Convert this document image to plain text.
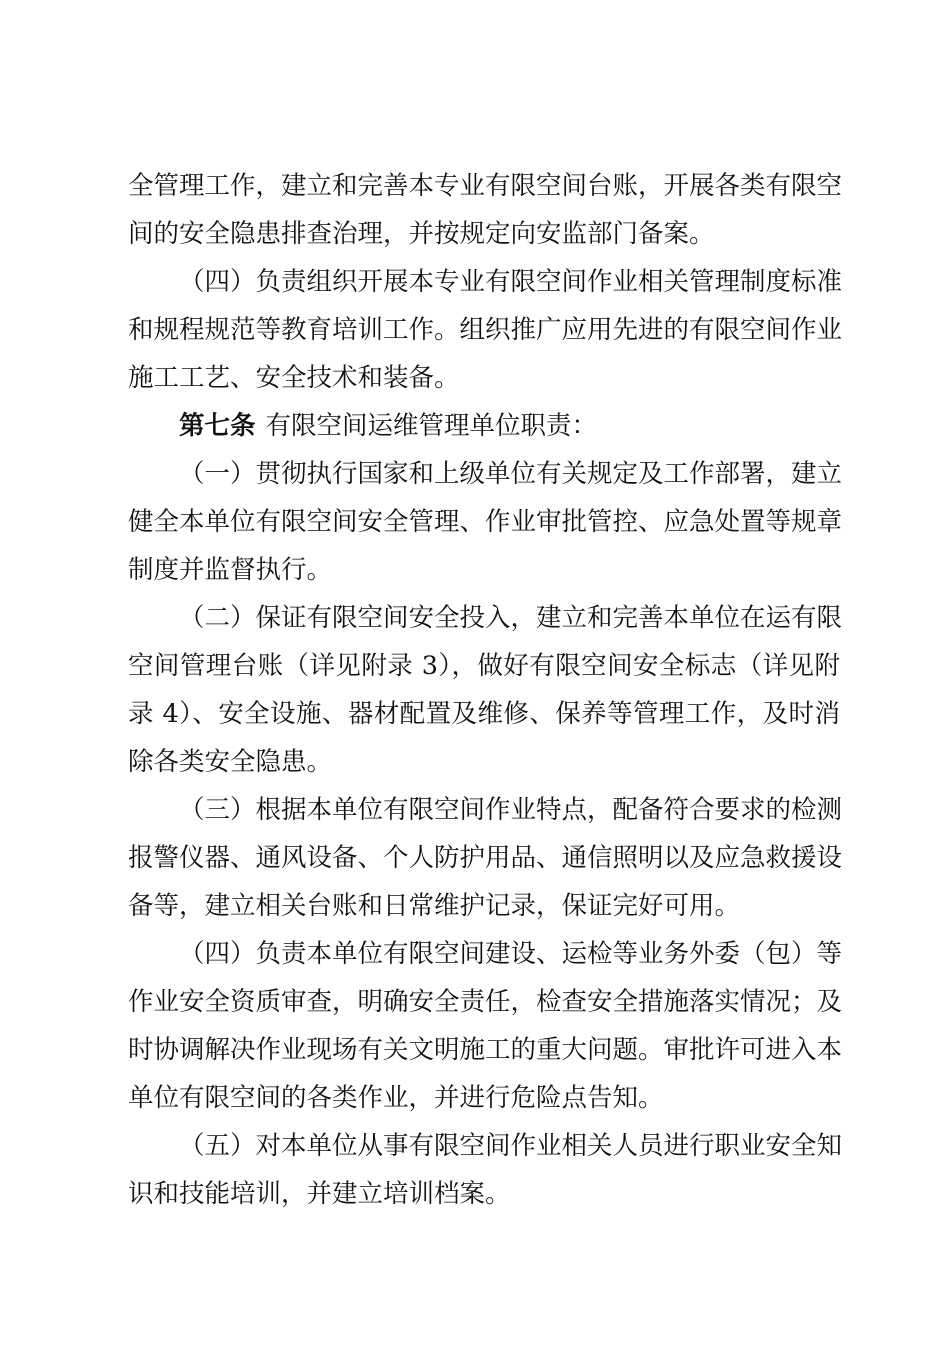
全管理工作，建立和完善本专业有限空间台账，开展各类有限空
间的安全隐患排查治理，并按规定向安监部门备案。
（四）负责组织开展本专业有限空间作业相关管理制度标准
和规程规范等教育培训工作。组织推广应用先进的有限空间作业
施工工艺、安全技术和装备。
第七条 有限空间运维管理单位职责：
（一）贯彻执行国家和上级单位有关规定及工作部署，建立
健全本单位有限空间安全管理、作业审批管控、应急处置等规章
制度并监督执行。
（二）保证有限空间安全投入，建立和完善本单位在运有限
空间管理台账（详见附录 3），做好有限空间安全标志（详见附
录 4）、安全设施、器材配置及维修、保养等管理工作，及时消
除各类安全隐患。
（三）根据本单位有限空间作业特点，配备符合要求的检测
报警仪器、通风设备、个人防护用品、通信照明以及应急救援设
备等，建立相关台账和日常维护记录，保证完好可用。
（四）负责本单位有限空间建设、运检等业务外委（包）等
作业安全资质审查，明确安全责任，检查安全措施落实情况；及
时协调解决作业现场有关文明施工的重大问题。审批许可进入本
单位有限空间的各类作业，并进行危险点告知。
（五）对本单位从事有限空间作业相关人员进行职业安全知
识和技能培训，并建立培训档案。
